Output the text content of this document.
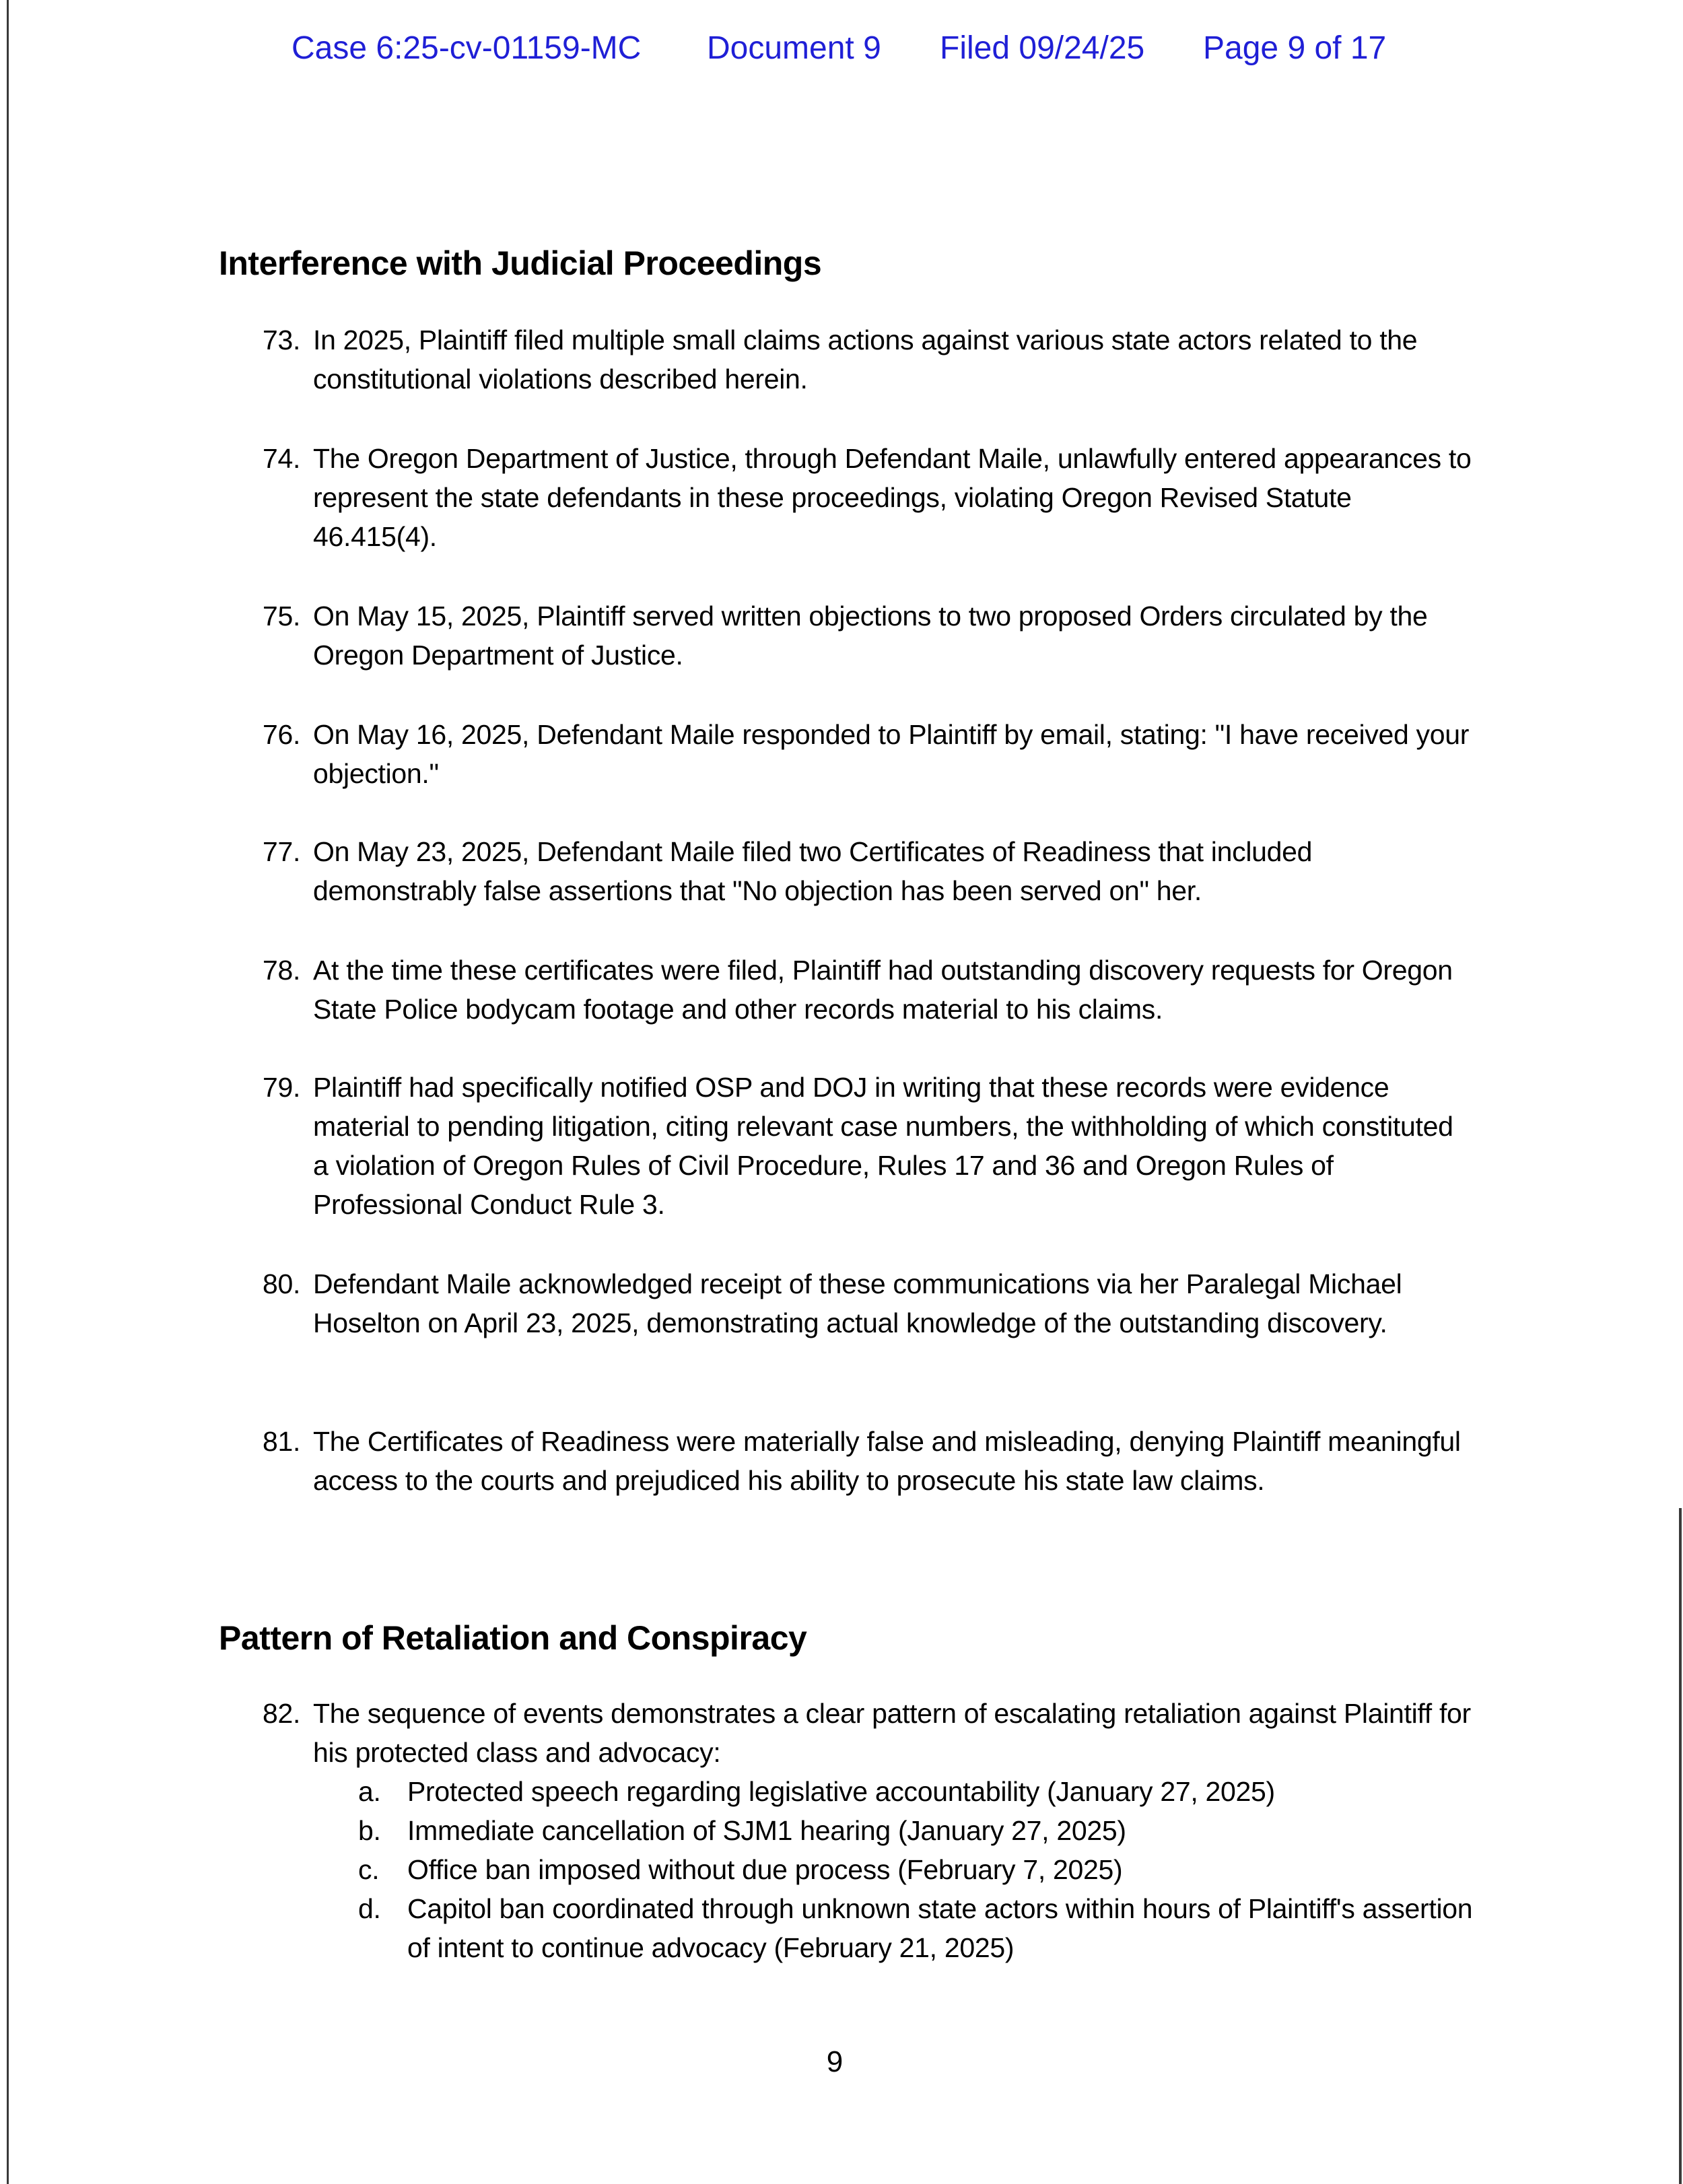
Case 6:25-cv-01159-MC Document 9 Filed 09/24/25 Page 9 of 17
Interference with Judicial Proceedings
73. In 2025, Plaintiff filed multiple small claims actions against various state actors related to the constitutional violations described herein.
74. The Oregon Department of Justice, through Defendant Maile, unlawfully entered appearances to represent the state defendants in these proceedings, violating Oregon Revised Statute 46.415(4).
75. On May 15, 2025, Plaintiff served written objections to two proposed Orders circulated by the Oregon Department of Justice.
76. On May 16, 2025, Defendant Maile responded to Plaintiff by email, stating: "I have received your objection."
77. On May 23, 2025, Defendant Maile filed two Certificates of Readiness that included demonstrably false assertions that "No objection has been served on" her.
78. At the time these certificates were filed, Plaintiff had outstanding discovery requests for Oregon State Police bodycam footage and other records material to his claims.
79. Plaintiff had specifically notified OSP and DOJ in writing that these records were evidence material to pending litigation, citing relevant case numbers, the withholding of which constituted a violation of Oregon Rules of Civil Procedure, Rules 17 and 36 and Oregon Rules of Professional Conduct Rule 3.
80. Defendant Maile acknowledged receipt of these communications via her Paralegal Michael Hoselton on April 23, 2025, demonstrating actual knowledge of the outstanding discovery.
81. The Certificates of Readiness were materially false and misleading, denying Plaintiff meaningful access to the courts and prejudiced his ability to prosecute his state law claims.
Pattern of Retaliation and Conspiracy
82. The sequence of events demonstrates a clear pattern of escalating retaliation against Plaintiff for his protected class and advocacy:
a. Protected speech regarding legislative accountability (January 27, 2025)
b. Immediate cancellation of SJM1 hearing (January 27, 2025)
c. Office ban imposed without due process (February 7, 2025)
d. Capitol ban coordinated through unknown state actors within hours of Plaintiff's assertion of intent to continue advocacy (February 21, 2025)
9
